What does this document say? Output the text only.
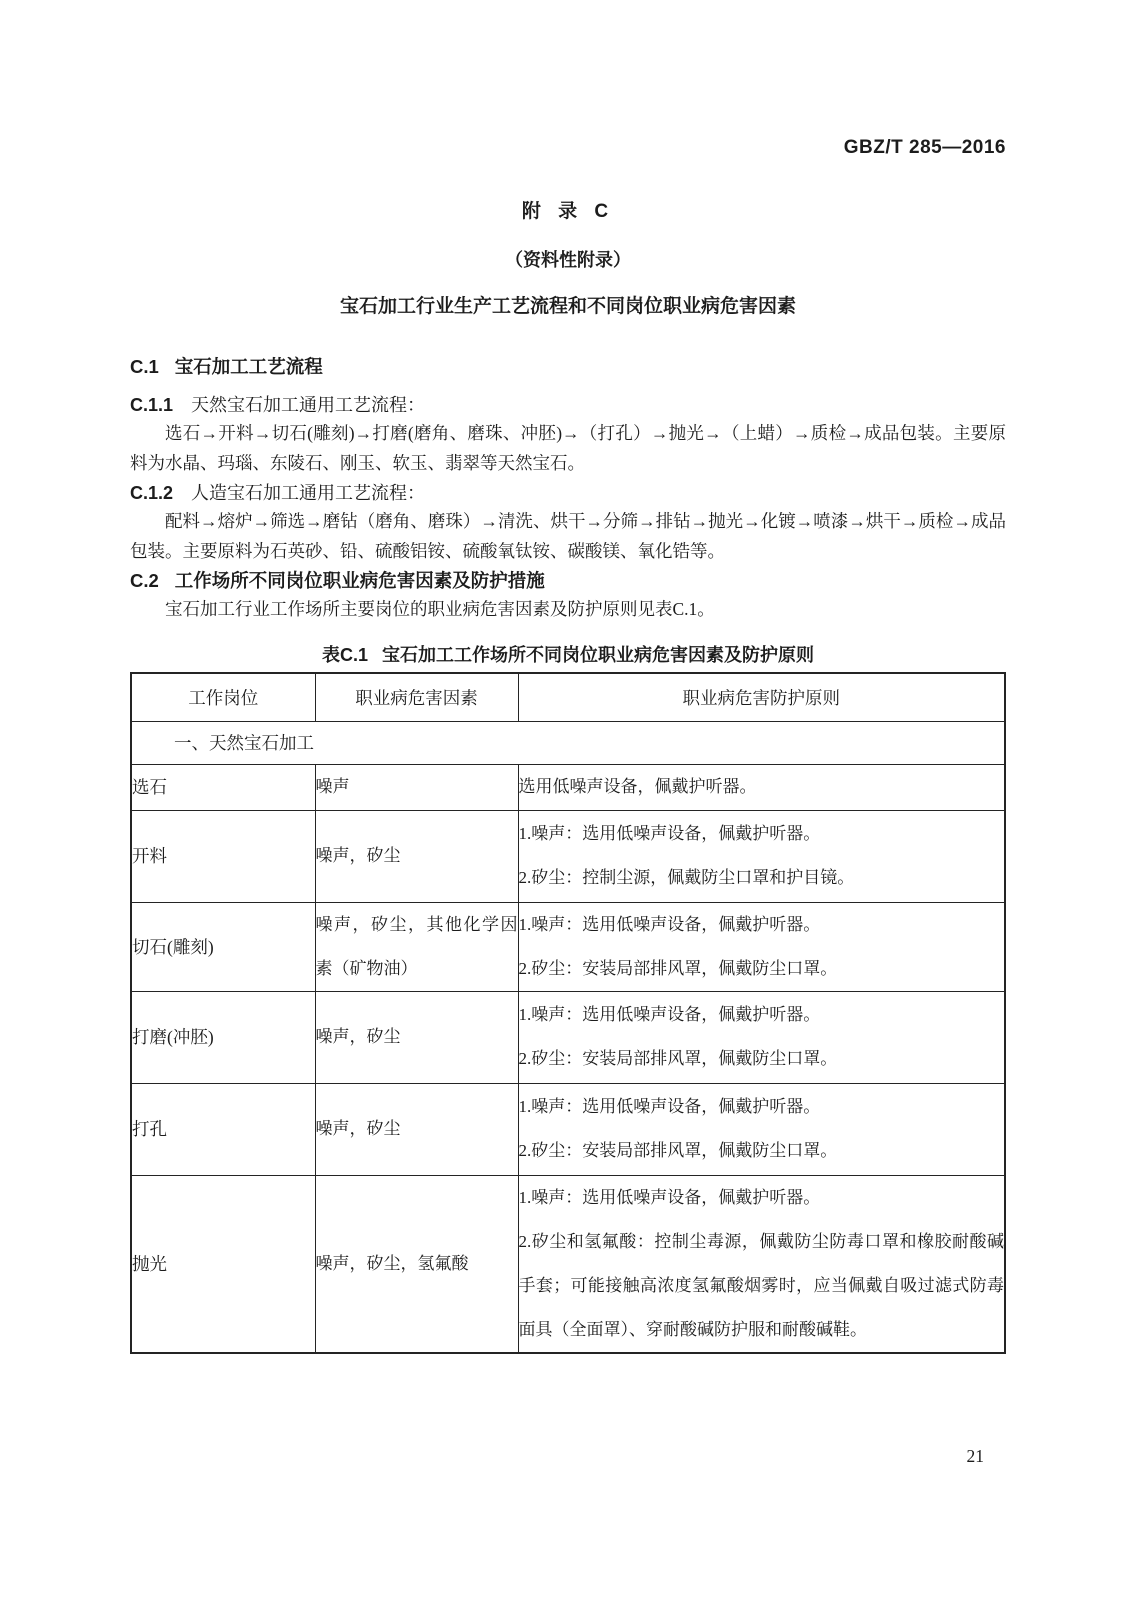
GBZ/T 285—2016
附 录 C
（资料性附录）
宝石加工行业生产工艺流程和不同岗位职业病危害因素
C.1 宝石加工工艺流程
C.1.1 天然宝石加工通用工艺流程：

选石→开料→切石(雕刻)→打磨(磨角、磨珠、冲胚)→（打孔）→抛光→（上蜡）→质检→成品包装。主要原料为水晶、玛瑙、东陵石、刚玉、软玉、翡翠等天然宝石。

C.1.2 人造宝石加工通用工艺流程：

配料→熔炉→筛选→磨钻（磨角、磨珠）→清洗、烘干→分筛→排钻→抛光→化镀→喷漆→烘干→质检→成品包装。主要原料为石英砂、铅、硫酸铝铵、硫酸氧钛铵、碳酸镁、氧化锆等。

C.2 工作场所不同岗位职业病危害因素及防护措施

宝石加工行业工作场所主要岗位的职业病危害因素及防护原则见表C.1。

表C.1 宝石加工工作场所不同岗位职业病危害因素及防护原则
工作岗位	职业病危害因素	职业病危害防护原则
一、天然宝石加工		
选石	噪声	选用低噪声设备，佩戴护听器。

开料	噪声，矽尘	1.噪声：选用低噪声设备，佩戴护听器。
2.矽尘：控制尘源，佩戴防尘口罩和护目镜。

切石(雕刻)	噪声，矽尘，其他化学因素（矿物油）	1.噪声：选用低噪声设备，佩戴护听器。
2.矽尘：安装局部排风罩，佩戴防尘口罩。

打磨(冲胚)	噪声，矽尘	1.噪声：选用低噪声设备，佩戴护听器。
2.矽尘：安装局部排风罩，佩戴防尘口罩。

打孔	噪声，矽尘	1.噪声：选用低噪声设备，佩戴护听器。
2.矽尘：安装局部排风罩，佩戴防尘口罩。

抛光	噪声，矽尘，氢氟酸	1.噪声：选用低噪声设备，佩戴护听器。
2.矽尘和氢氟酸：控制尘毒源，佩戴防尘防毒口罩和橡胶耐酸碱手套；可能接触高浓度氢氟酸烟雾时，应当佩戴自吸过滤式防毒面具（全面罩）、穿耐酸碱防护服和耐酸碱鞋。
21
